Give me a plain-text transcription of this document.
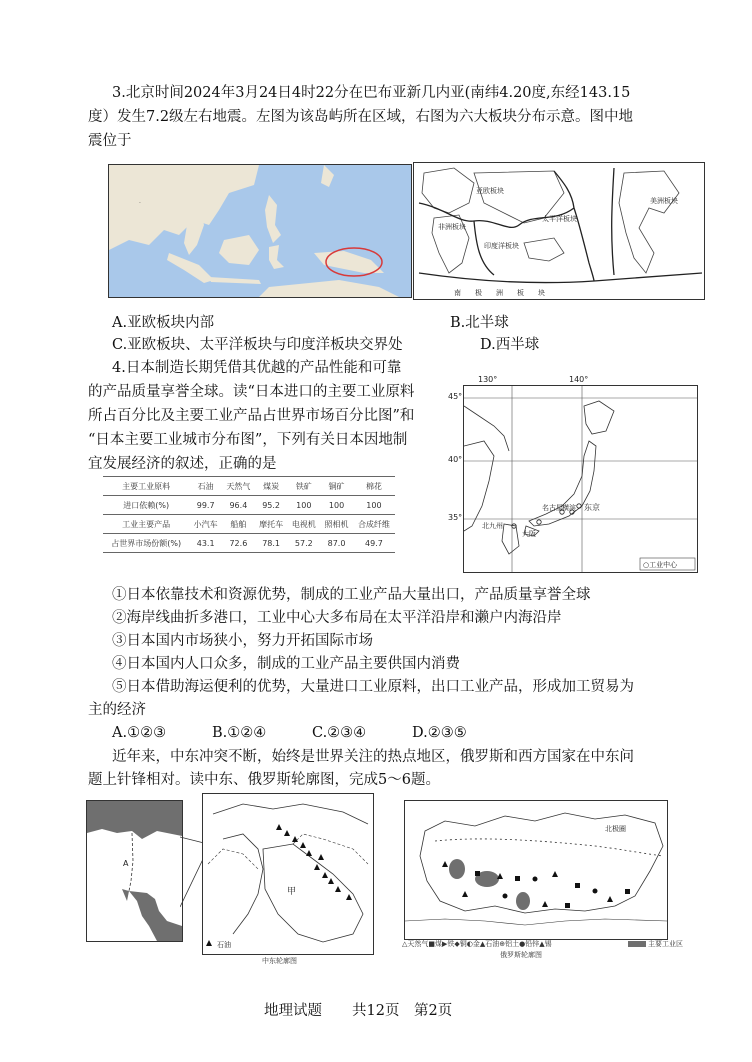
3.北京时间2024年3月24日4时22分在巴布亚新几内亚(南纬4.20度,东经143.15
度）发生7.2级左右地震。左图为该岛屿所在区域，右图为六大板块分布示意。图中地
震位于
·
亚欧板块
非洲板块
印度洋板块
太平洋板块
美洲板块
南　　极　　洲　　板　　块
A.亚欧板块内部	B.北半球
C.亚欧板块、太平洋板块与印度洋板块交界处	D.西半球
4.日本制造长期凭借其优越的产品性能和可靠
的产品质量享誉全球。读“日本进口的主要工业原料
所占百分比及主要工业产品占世界市场百分比图”和
“日本主要工业城市分布图”，下列有关日本因地制
宜发展经济的叙述，正确的是
主要工业原料	石油	天然气	煤炭	铁矿	铜矿	棉花
进口依赖(%)	99.7	96.4	95.2	100	100	100
工业主要产品	小汽车	船舶	摩托车	电视机	照相机	合成纤维
占世界市场份额(%)	43.1	72.6	78.1	57.2	87.0	49.7
东京
名古屋 横滨
北九州
大阪
○工业中心
130°	140°
45°
40°
35°
①日本依靠技术和资源优势，制成的工业产品大量出口，产品质量享誉全球
②海岸线曲折多港口，工业中心大多布局在太平洋沿岸和濑户内海沿岸
③日本国内市场狭小，努力开拓国际市场
④日本国内人口众多，制成的工业产品主要供国内消费
⑤日本借助海运便利的优势，大量进口工业原料，出口工业产品，形成加工贸易为
主的经济
A.①②③	B.①②④	C.②③④	D.②③⑤
近年来，中东冲突不断，始终是世界关注的热点地区，俄罗斯和西方国家在中东问
题上针锋相对。读中东、俄罗斯轮廓图，完成5～6题。
A
甲
石油
中东轮廓图
北极圈
△天然气■煤▶铁◆铜◐金▲石油⊕铝土●铅锌▲锡	主要工业区
俄罗斯轮廓图
地理试题 共12页 第2页
